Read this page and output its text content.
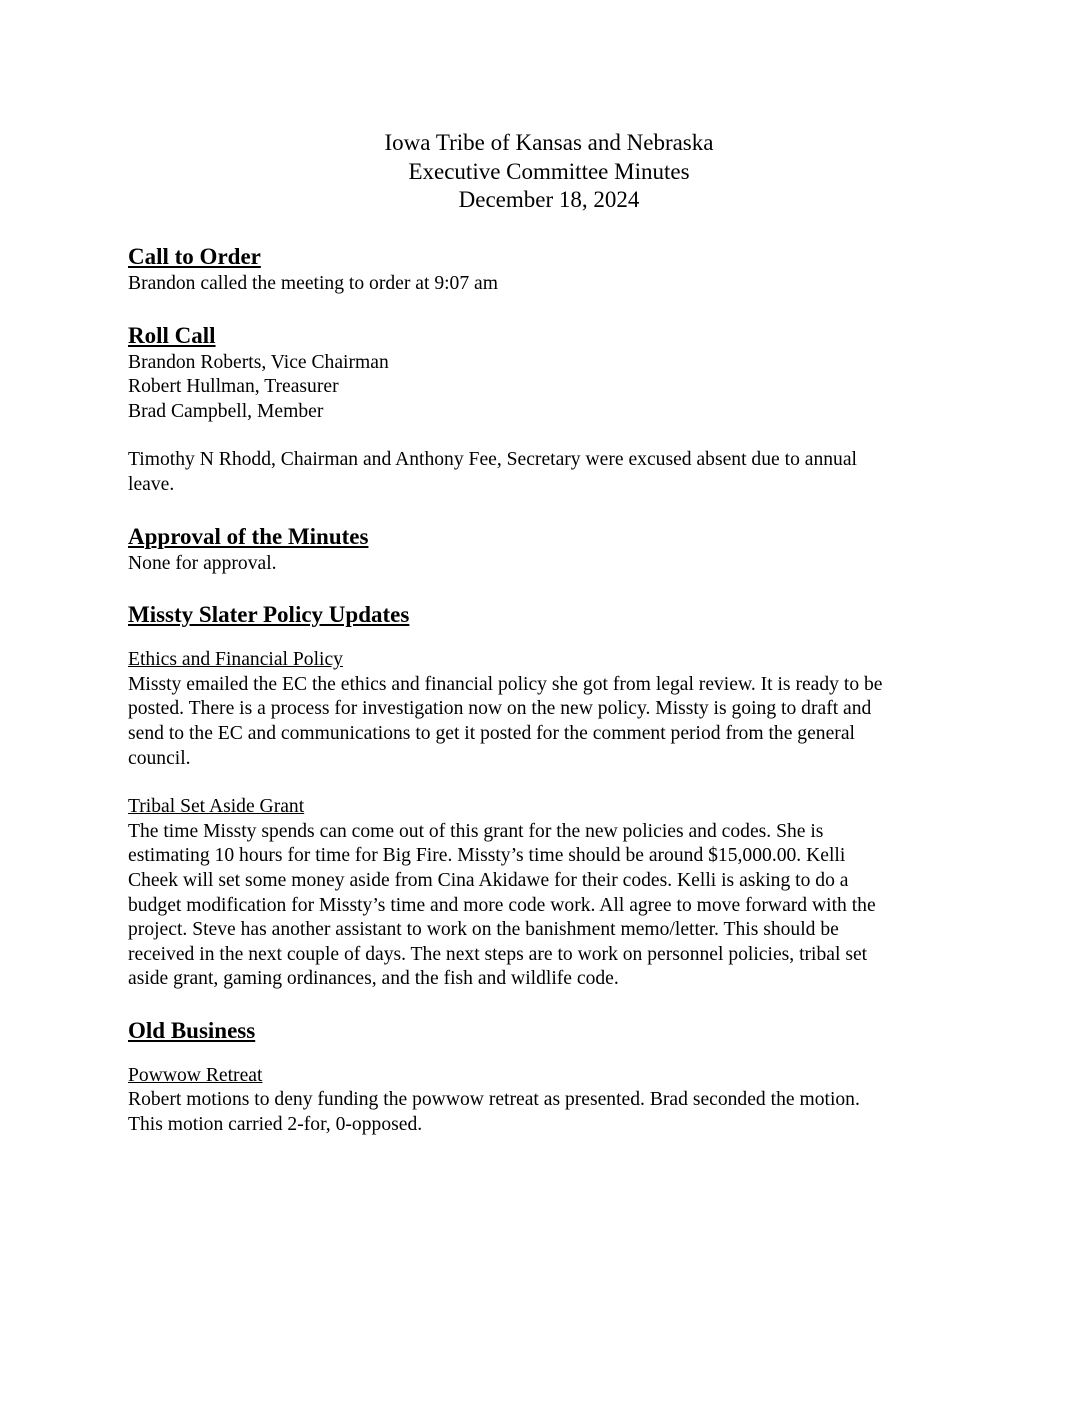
Iowa Tribe of Kansas and Nebraska
Executive Committee Minutes
December 18, 2024
Call to Order

Brandon called the meeting to order at 9:07 am

Roll Call

Brandon Roberts, Vice Chairman

Robert Hullman, Treasurer

Brad Campbell, Member

Timothy N Rhodd, Chairman and Anthony Fee, Secretary were excused absent due to annual

leave.

Approval of the Minutes

None for approval.

Missty Slater Policy Updates

Ethics and Financial Policy

Missty emailed the EC the ethics and financial policy she got from legal review. It is ready to be

posted. There is a process for investigation now on the new policy. Missty is going to draft and

send to the EC and communications to get it posted for the comment period from the general

council.

Tribal Set Aside Grant

The time Missty spends can come out of this grant for the new policies and codes. She is

estimating 10 hours for time for Big Fire. Missty’s time should be around $15,000.00. Kelli

Cheek will set some money aside from Cina Akidawe for their codes. Kelli is asking to do a

budget modification for Missty’s time and more code work. All agree to move forward with the

project. Steve has another assistant to work on the banishment memo/letter. This should be

received in the next couple of days. The next steps are to work on personnel policies, tribal set

aside grant, gaming ordinances, and the fish and wildlife code.

Old Business

Powwow Retreat

Robert motions to deny funding the powwow retreat as presented. Brad seconded the motion.

This motion carried 2-for, 0-opposed.
